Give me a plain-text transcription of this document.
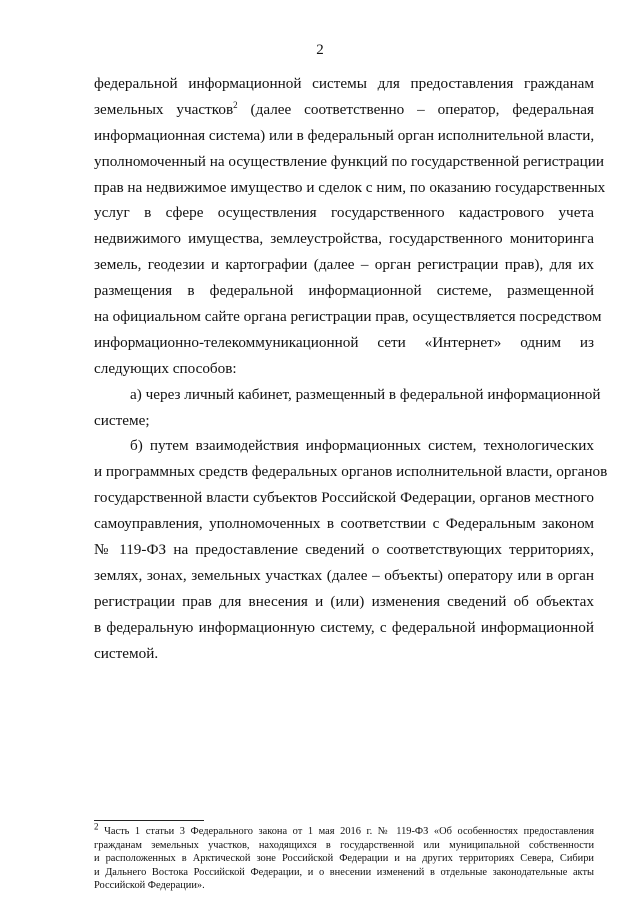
2
федеральной информационной системы для предоставления гражданам
земельных участков$^2$ (далее соответственно – оператор, федеральная
информационная система) или в федеральный орган исполнительной власти,
уполномоченный на осуществление функций по государственной регистрации
прав на недвижимое имущество и сделок с ним, по оказанию государственных
услуг в сфере осуществления государственного кадастрового учета
недвижимого имущества, землеустройства, государственного мониторинга
земель, геодезии и картографии (далее – орган регистрации прав), для их
размещения в федеральной информационной системе, размещенной
на официальном сайте органа регистрации прав, осуществляется посредством
информационно-телекоммуникационной сети «Интернет» одним из
следующих способов:
а) через личный кабинет, размещенный в федеральной информационной
системе;
б) путем взаимодействия информационных систем, технологических
и программных средств федеральных органов исполнительной власти, органов
государственной власти субъектов Российской Федерации, органов местного
самоуправления, уполномоченных в соответствии с Федеральным законом
№ 119-ФЗ на предоставление сведений о соответствующих территориях,
землях, зонах, земельных участках (далее – объекты) оператору или в орган
регистрации прав для внесения и (или) изменения сведений об объектах
в федеральную информационную систему, с федеральной информационной
системой.
$^2$ Часть 1 статьи 3 Федерального закона от 1 мая 2016 г. № 119-ФЗ «Об особенностях предоставления
гражданам земельных участков, находящихся в государственной или муниципальной собственности
и расположенных в Арктической зоне Российской Федерации и на других территориях Севера, Сибири
и Дальнего Востока Российской Федерации, и о внесении изменений в отдельные законодательные акты
Российской Федерации».
